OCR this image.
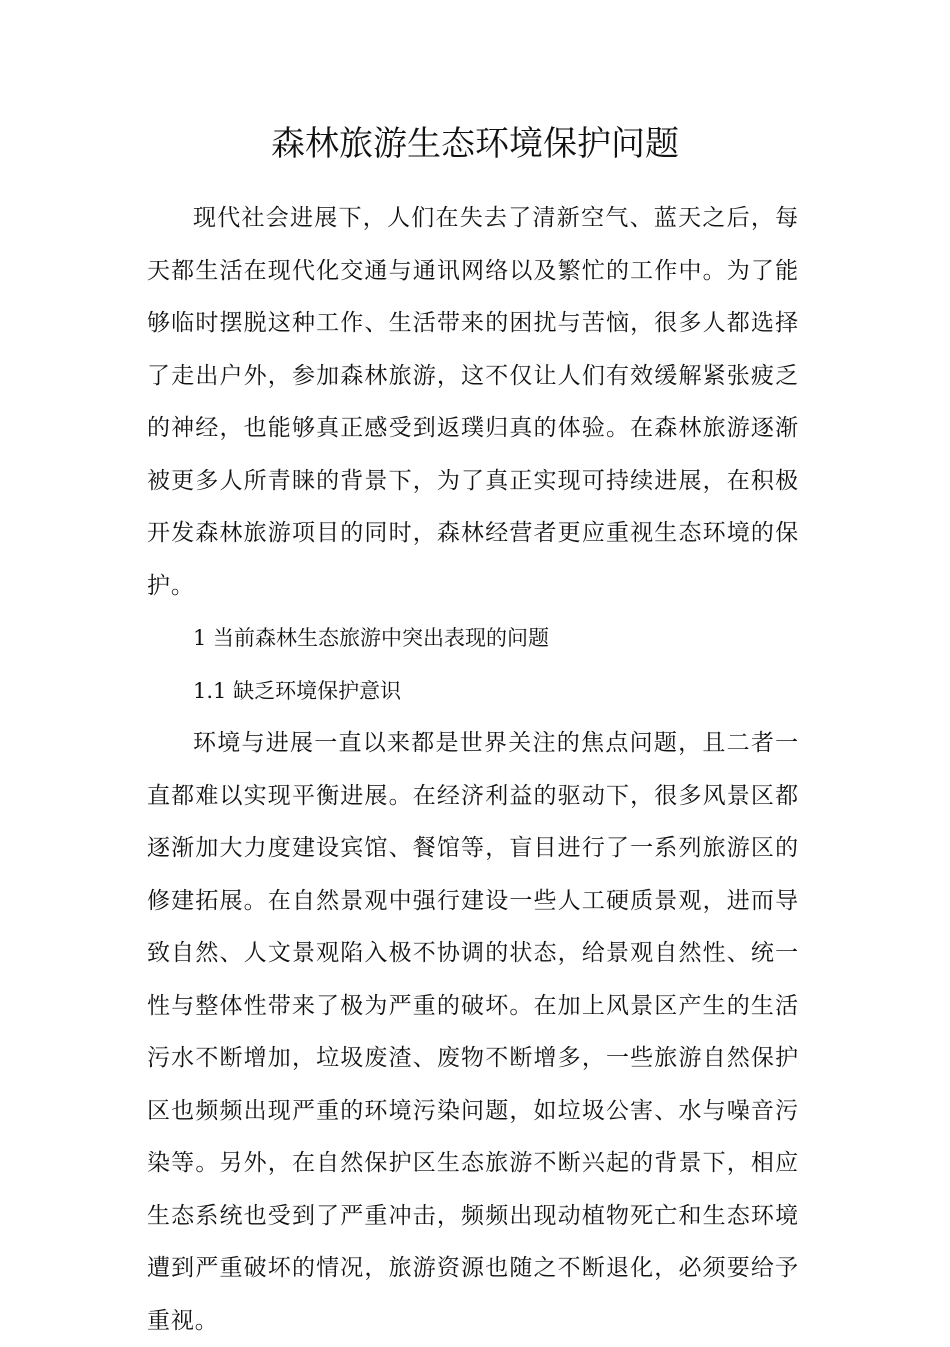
森林旅游生态环境保护问题

现代社会进展下，人们在失去了清新空气、蓝天之后，每天都生活在现代化交通与通讯网络以及繁忙的工作中。为了能够临时摆脱这种工作、生活带来的困扰与苦恼，很多人都选择了走出户外，参加森林旅游，这不仅让人们有效缓解紧张疲乏的神经，也能够真正感受到返璞归真的体验。在森林旅游逐渐被更多人所青睐的背景下，为了真正实现可持续进展，在积极开发森林旅游项目的同时，森林经营者更应重视生态环境的保护。

1 当前森林生态旅游中突出表现的问题

1.1 缺乏环境保护意识

环境与进展一直以来都是世界关注的焦点问题，且二者一直都难以实现平衡进展。在经济利益的驱动下，很多风景区都逐渐加大力度建设宾馆、餐馆等，盲目进行了一系列旅游区的修建拓展。在自然景观中强行建设一些人工硬质景观，进而导致自然、人文景观陷入极不协调的状态，给景观自然性、统一性与整体性带来了极为严重的破坏。在加上风景区产生的生活污水不断增加，垃圾废渣、废物不断增多，一些旅游自然保护区也频频出现严重的环境污染问题，如垃圾公害、水与噪音污染等。另外，在自然保护区生态旅游不断兴起的背景下，相应生态系统也受到了严重冲击，频频出现动植物死亡和生态环境遭到严重破坏的情况，旅游资源也随之不断退化，必须要给予重视。
